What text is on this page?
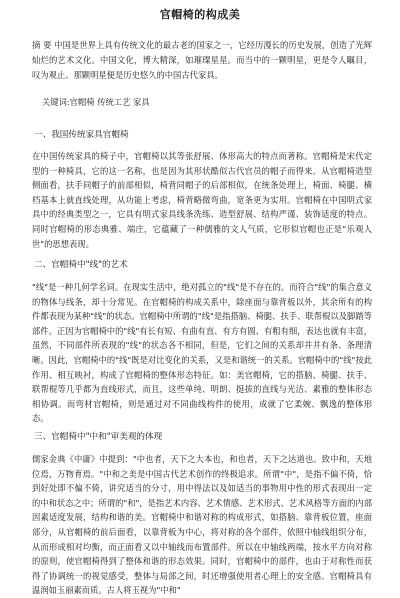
官帽椅的构成美

摘 要 中国是世界上具有传统文化的最古老的国家之一，它经历漫长的历史发展，创造了光辉灿烂的艺术文化。中国文化，博大精深，如璀璨星星。而当中的一颗明星，更是令人瞩目，叹为观止。那颗明星便是历史悠久的中国古代家具。

关键词:官帽椅 传统工艺 家具
一、我国传统家具官帽椅

在中国传统家具的椅子中，官帽椅以其等张舒展、体形高大的特点而著称。官帽椅是宋代定型的一种椅具，它的这一名称，也是因为其形状酷似古代官员的帽子而得来。从官帽椅造型侧面看，扶手同帽子的前部相似，椅背同帽子的后部相似，在统条处理上，椅面、椅腿、横档基本上就直线处理，从功能上考虑，椅背略微弯曲，宽条更为实用。官帽椅在中国明式家具中的经典类型之一，它具有明式家具线条洗练、造型舒展、结构严谨、装饰适度的特点。同时官帽椅的形态典雅、端庄，它蕴藏了一种儒雅的文人气质，它形似官帽也正是"乐观人世"的思想表现。

二、官帽椅中"线"的艺术

"线"是一种几何学名词。在现实生活中，绝对孤立的"线"是不存在的。而符合"线"的集合意义的物体与线条，却十分常见。在官帽椅的构成关系中，除座面与靠背板以外，其余所有的构件都表现为某种"线"的状态。官帽椅中所谓的"线"是指搭脑、椅腿、扶手、联帮棍以及脚踏等部件。正因为官帽椅中的"线"有长有短、有曲有直、有方有圆、有粗有细，表达也就有丰富，虽然，不同部件所表现的"线"的状态各不相同，但是，它们之间的关系却井井有条、条理清晰。因此，官帽椅中的"线"既是对比变化的关系，又是和谐统一的关系。官帽椅中的"线"按此作用、相互映衬，构成了官帽椅的整体形态特征。如：美官帽椅，它的搭脑、椅腿、扶手、联帮棍等几乎都为直线形式，而且，这些单纯、明朗、挺拔的直线与光洁、素雅的整体形态相协调。而弯材官帽椅，则是通过对不同曲线构件的使用，成就了它柔婉、飘逸的整体形态。

三、官帽椅中"中和"审美观的体现

儒家金典《中庸》中提到："中也者，天下之大本也，和也者，天下之达道也。致中和，天地位焉，万物育焉。"中和之美是中国古代艺术创作的终极追求。所谓"中"，是指不偏不倚，恰到好处即不偏不倚，讲究适当的分寸，用中得法以及如适当的事物用中性的形式表现出一定的中和状态之中；所谓的"和"，是指艺术内容、艺术情感、艺术形式、艺术风格等方面的内部因素适度发展，结构和谐的美。官帽椅中和谐对称的构成形式，如搭脑、靠背板位置，座面部分，从官帽椅的前后面看，以靠背板为中心，将对称的各个部件，依照中轴线组织分布，从而形成相对均衡，而正面看又以中轴线而布置部件。所以在中轴线两端，按水平方向对称的原则，使官帽椅得到了整体和谐的形态效果。同时，官帽椅中的部件，也由于对称性而获得了协调统一的视觉感受，整体与局部之间，时还增强使用者心理上的安全感。官帽椅具有温润如玉丽素而质。古人将玉视为"中和"
